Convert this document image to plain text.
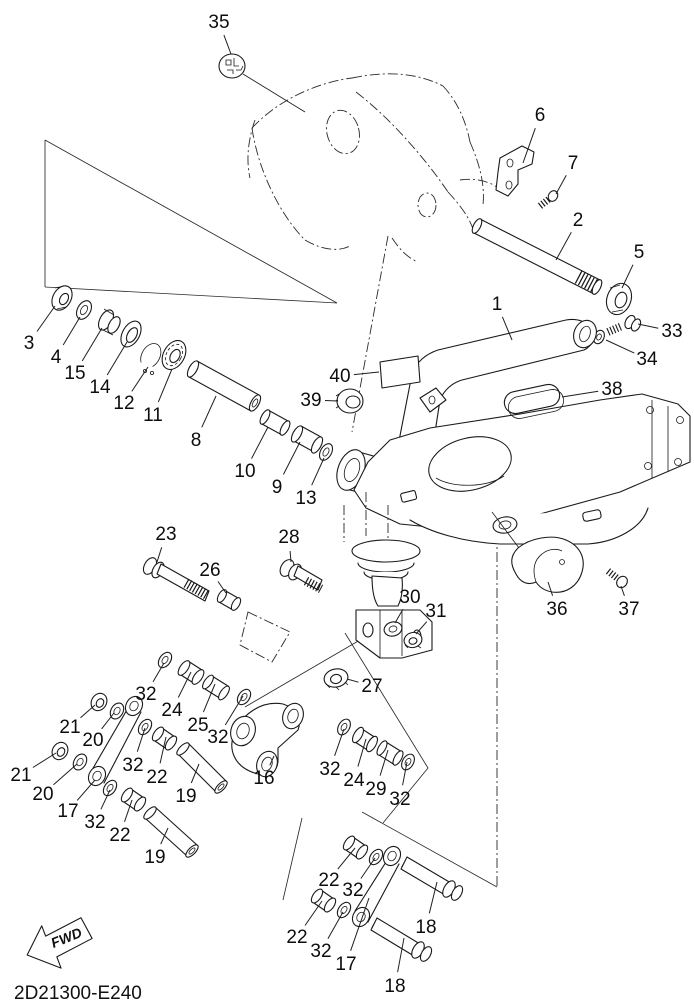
FWD
2D21300-E240
35
6
7
2
5
1
33
34
3
4
15
14
12
11
8
10
9
13
40
39
38
36	37
23
26
28
30
31
27
21
20
21
20
17
32
22
19
32
24
25
32
32
22
19
16 32
24 29 32
22 32
18
22
32
17
18
